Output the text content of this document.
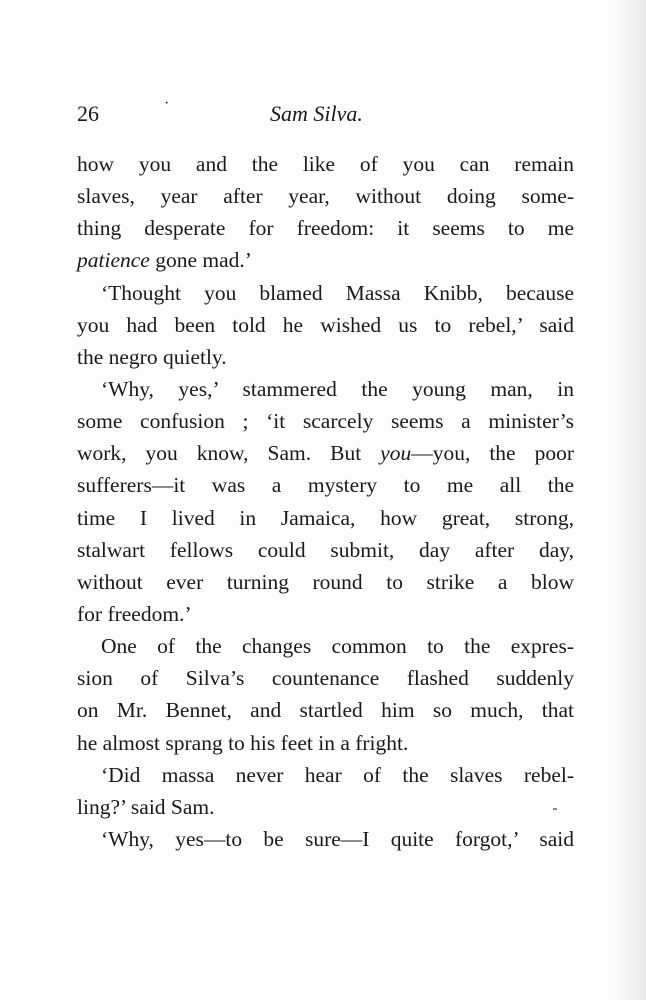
26	·	Sam Silva.
how you and the like of you can remain
slaves, year after year, without doing some-
thing desperate for freedom: it seems to me
patience gone mad.’
‘Thought you blamed Massa Knibb, because
you had been told he wished us to rebel,’ said
the negro quietly.
‘Why, yes,’ stammered the young man, in
some confusion ; ‘it scarcely seems a minister’s
work, you know, Sam. But you—you, the poor
sufferers—it was a mystery to me all the
time I lived in Jamaica, how great, strong,
stalwart fellows could submit, day after day,
without ever turning round to strike a blow
for freedom.’
One of the changes common to the expres-
sion of Silva’s countenance flashed suddenly
on Mr. Bennet, and startled him so much, that
he almost sprang to his feet in a fright.
‘Did massa never hear of the slaves rebel-
ling?’ said Sam.
‘Why, yes—to be sure—I quite forgot,’ said
